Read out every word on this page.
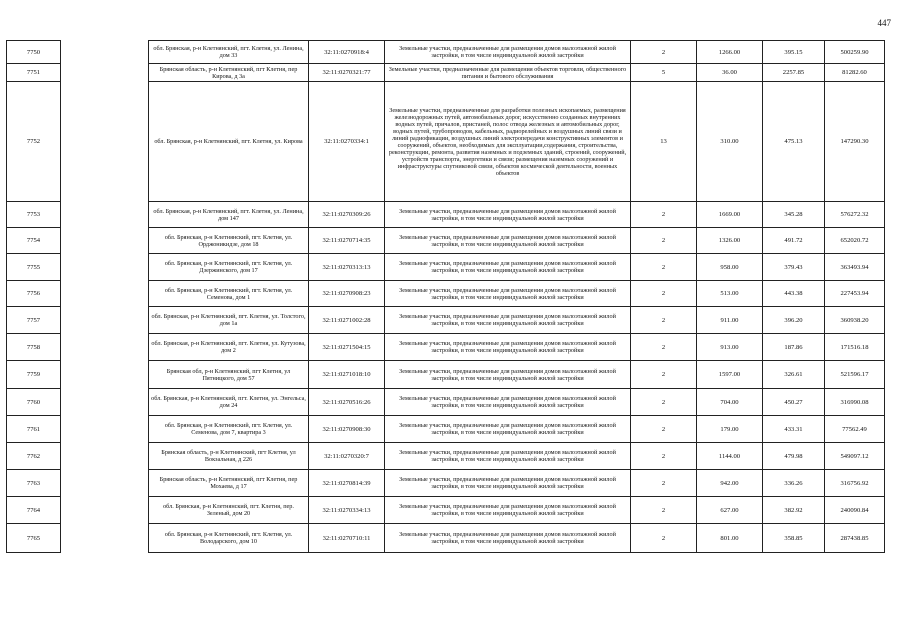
447
7750		обл. Брянская, р-н Клетнянский, пгт. Клетня, ул. Ленина, дом 33	32:11:0270918:4	Земельные участки, предназначенные для размещения домов малоэтажной жилой застройки, в том числе индивидуальной жилой застройки	2	1266.00	395.15	500259.90
7751		Брянская область, р-н Клетнянский, пгт Клетня, пер Кирова, д 3а	32:11:0270321:77	Земельные участки, предназначенные для размещения объектов торговли, общественного питания и бытового обслуживания	5	36.00	2257.85	81282.60
7752		обл. Брянская, р-н Клетнянский, пгт. Клетня, ул. Кирова	32:11:0270334:1	Земельные участки, предназначенные для разработки полезных ископаемых, размещения железнодорожных путей, автомобильных дорог, искусственно созданных внутренних водных путей, причалов, пристаней, полос отвода железных и автомобильных дорог, водных путей, трубопроводов, кабельных, радиорелейных и воздушных линий связи и линий радиофикации, воздушных линий электропередачи конструктивных элементов и сооружений, объектов, необходимых для эксплуатации,содержания, строительства, реконструкции, ремонта, развития наземных и подземных зданий, строений, сооружений, устройств транспорта, энергетики и связи; размещения наземных сооружений и инфраструктуры спутниковой связи, объектов космической деятельности, военных объектов	13	310.00	475.13	147290.30
7753		обл. Брянская, р-н Клетнянский, пгт. Клетня, ул. Ленина, дом 147	32:11:0270309:26	Земельные участки, предназначенные для размещения домов малоэтажной жилой застройки, в том числе индивидуальной жилой застройки	2	1669.00	345.28	576272.32
7754		обл. Брянская, р-н Клетнянский, пгт. Клетня, ул. Орджоникидзе, дом 18	32:11:0270714:35	Земельные участки, предназначенные для размещения домов малоэтажной жилой застройки, в том числе индивидуальной жилой застройки	2	1326.00	491.72	652020.72
7755		обл. Брянская, р-н Клетнянский, пгт. Клетня, ул. Дзержинского, дом 17	32:11:0270313:13	Земельные участки, предназначенные для размещения домов малоэтажной жилой застройки, в том числе индивидуальной жилой застройки	2	958.00	379.43	363493.94
7756		обл. Брянская, р-н Клетнянский, пгт. Клетня, ул. Семенова, дом 1	32:11:0270908:23	Земельные участки, предназначенные для размещения домов малоэтажной жилой застройки, в том числе индивидуальной жилой застройки	2	513.00	443.38	227453.94
7757		обл. Брянская, р-н Клетнянский, пгт. Клетня, ул. Толстого, дом 1а	32:11:0271002:28	Земельные участки, предназначенные для размещения домов малоэтажной жилой застройки, в том числе индивидуальной жилой застройки	2	911.00	396.20	360938.20
7758		обл. Брянская, р-н Клетнянский, пгт. Клетня, ул. Кутузова, дом 2	32:11:0271504:15	Земельные участки, предназначенные для размещения домов малоэтажной жилой застройки, в том числе индивидуальной жилой застройки	2	913.00	187.86	171516.18
7759		Брянская обл, р-н Клетнянский, пгт Клетня, ул Пятницкого, дом 57	32:11:0271018:10	Земельные участки, предназначенные для размещения домов малоэтажной жилой застройки, в том числе индивидуальной жилой застройки	2	1597.00	326.61	521596.17
7760		обл. Брянская, р-н Клетнянский, пгт. Клетня, ул. Энгельса, дом 24	32:11:0270516:26	Земельные участки, предназначенные для размещения домов малоэтажной жилой застройки, в том числе индивидуальной жилой застройки	2	704.00	450.27	316990.08
7761		обл. Брянская, р-н Клетнянский, пгт. Клетня, ул. Семенова, дом 7, квартира 3	32:11:0270908:30	Земельные участки, предназначенные для размещения домов малоэтажной жилой застройки, в том числе индивидуальной жилой застройки	2	179.00	433.31	77562.49
7762		Брянская область, р-н Клетнянский, пгт Клетня, ул Вокзальная, д 226	32:11:0270320:7	Земельные участки, предназначенные для размещения домов малоэтажной жилой застройки, в том числе индивидуальной жилой застройки	2	1144.00	479.98	549097.12
7763		Брянская область, р-н Клетнянский, пгт Клетня, пер Мохаева, д 17	32:11:0270814:39	Земельные участки, предназначенные для размещения домов малоэтажной жилой застройки, в том числе индивидуальной жилой застройки	2	942.00	336.26	316756.92
7764		обл. Брянская, р-н Клетнянский, пгт. Клетня, пер. Зеленый, дом 20	32:11:0270334:13	Земельные участки, предназначенные для размещения домов малоэтажной жилой застройки, в том числе индивидуальной жилой застройки	2	627.00	382.92	240090.84
7765		обл. Брянская, р-н Клетнянский, пгт. Клетня, ул. Володарского, дом 10	32:11:0270710:11	Земельные участки, предназначенные для размещения домов малоэтажной жилой застройки, в том числе индивидуальной жилой застройки	2	801.00	358.85	287438.85
